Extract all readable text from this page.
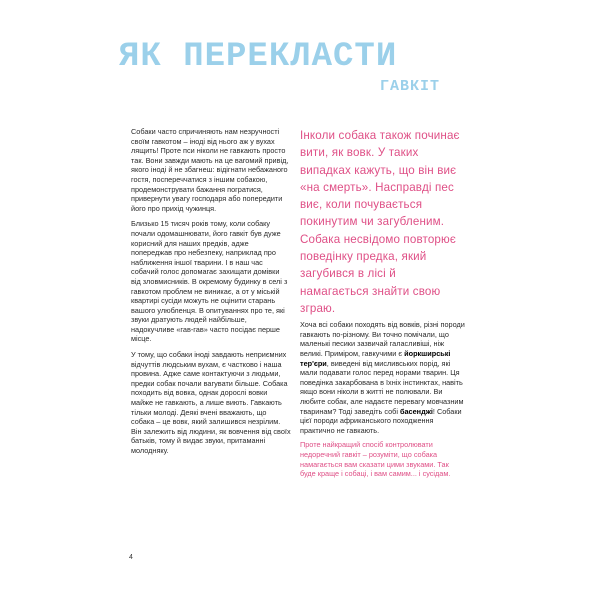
ЯК ПЕРЕКЛАСТИ
ГАВКІТ

Собаки часто спричиняють нам незручності своїм гавкотом – іноді від нього аж у вухах лящить! Проте пси ніколи не гавкають просто так. Вони завжди мають на це вагомий привід, якого іноді й не збагнеш: відігнати небажаного гостя, поспереччатися з іншим собакою, продемонструвати бажання погратися, привернути увагу господаря або попередити його про прихід чужинця.

Близько 15 тисяч років тому, коли собаку почали одомашнювати, його гавкіт був дуже корисний для наших предків, адже попереджав про небезпеку, наприклад про наближення іншої тварини. І в наш час собачий голос допомагає захищати домівки від зловмисників. В окремому будинку в селі з гавкотом проблем не виникає, а от у міській квартирі сусіди можуть не оцінити старань вашого улюбленця. В опитуваннях про те, які звуки дратують людей найбільше, надокучливе «гав-гав» часто посідає перше місце.

У тому, що собаки іноді завдають неприємних відчуттів людським вухам, є частково і наша провина. Адже саме контактуючи з людьми, предки собак почали вагувати більше. Собака походить від вовка, однак дорослі вовки майже не гавкають, а лише виють. Гавкають тільки молоді. Деякі вчені вважають, що собака – це вовк, який залишився незрілим. Він залежить від людини, як вовчення від своїх батьків, тому й видає звуки, притаманні молодняку.

Інколи собака також починає вити, як вовк. У таких випадках кажуть, що він виє «на смерть». Насправді пес виє, коли почувається покинутим чи загубленим. Собака несвідомо повторює поведінку предка, який загубився в лісі й намагається знайти свою зграю.

Хоча всі собаки походять від вовків, різні породи гавкають по-різному. Ви точно помічали, що маленькі песики зазвичай галасливіші, ніж великі. Приміром, гавкучими є йоркширські тер'єри, виведені від мисливських порід, які мали подавати голос перед норами тварин. Ця поведінка закарбована в їхніх інстинктах, навіть якщо вони ніколи в житті не полювали. Ви любите собак, але надаєте перевагу мовчазним тваринам? Тоді заведіть собі басенджі! Собаки цієї породи африканського походження практично не гавкають.

Проте найкращий спосіб контролювати недоречний гавкіт – розуміти, що собака намагається вам сказати цими звуками. Так буде краще і собаці, і вам самим... і сусідам.

4
